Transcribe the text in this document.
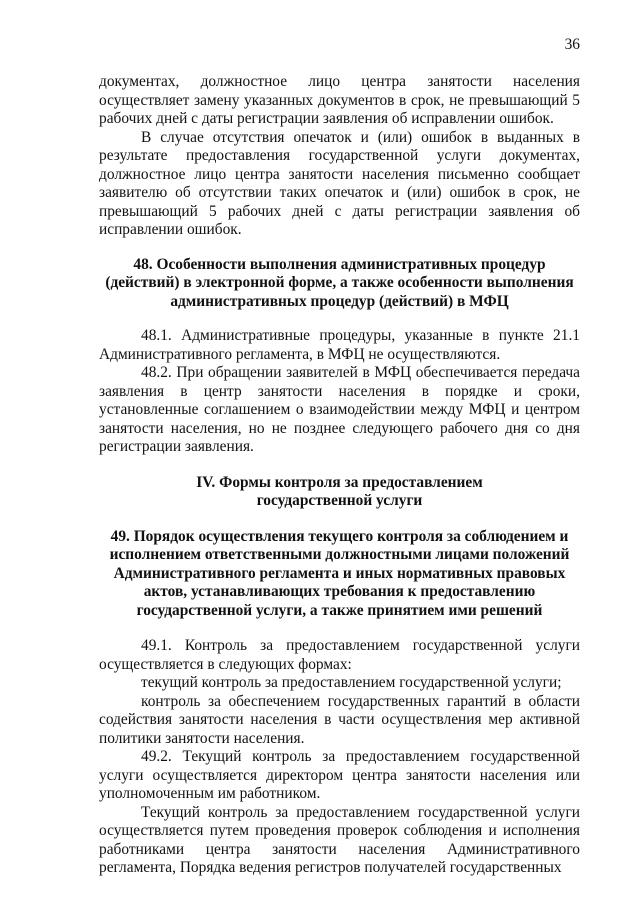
36

документах, должностное лицо центра занятости населения осуществляет замену указанных документов в срок, не превышающий 5 рабочих дней с даты регистрации заявления об исправлении ошибок.

В случае отсутствия опечаток и (или) ошибок в выданных в результате предоставления государственной услуги документах, должностное лицо центра занятости населения письменно сообщает заявителю об отсутствии таких опечаток и (или) ошибок в срок, не превышающий 5 рабочих дней с даты регистрации заявления об исправлении ошибок.

48. Особенности выполнения административных процедур (действий) в электронной форме, а также особенности выполнения административных процедур (действий) в МФЦ

48.1. Административные процедуры, указанные в пункте 21.1 Административного регламента, в МФЦ не осуществляются.

48.2. При обращении заявителей в МФЦ обеспечивается передача заявления в центр занятости населения в порядке и сроки, установленные соглашением о взаимодействии между МФЦ и центром занятости населения, но не позднее следующего рабочего дня со дня регистрации заявления.

IV. Формы контроля за предоставлением государственной услуги
49. Порядок осуществления текущего контроля за соблюдением и исполнением ответственными должностными лицами положений Административного регламента и иных нормативных правовых актов, устанавливающих требования к предоставлению государственной услуги, а также принятием ими решений

49.1. Контроль за предоставлением государственной услуги осуществляется в следующих формах:

текущий контроль за предоставлением государственной услуги;

контроль за обеспечением государственных гарантий в области содействия занятости населения в части осуществления мер активной политики занятости населения.

49.2. Текущий контроль за предоставлением государственной услуги осуществляется директором центра занятости населения или уполномоченным им работником.

Текущий контроль за предоставлением государственной услуги осуществляется путем проведения проверок соблюдения и исполнения работниками центра занятости населения Административного регламента, Порядка ведения регистров получателей государственных
